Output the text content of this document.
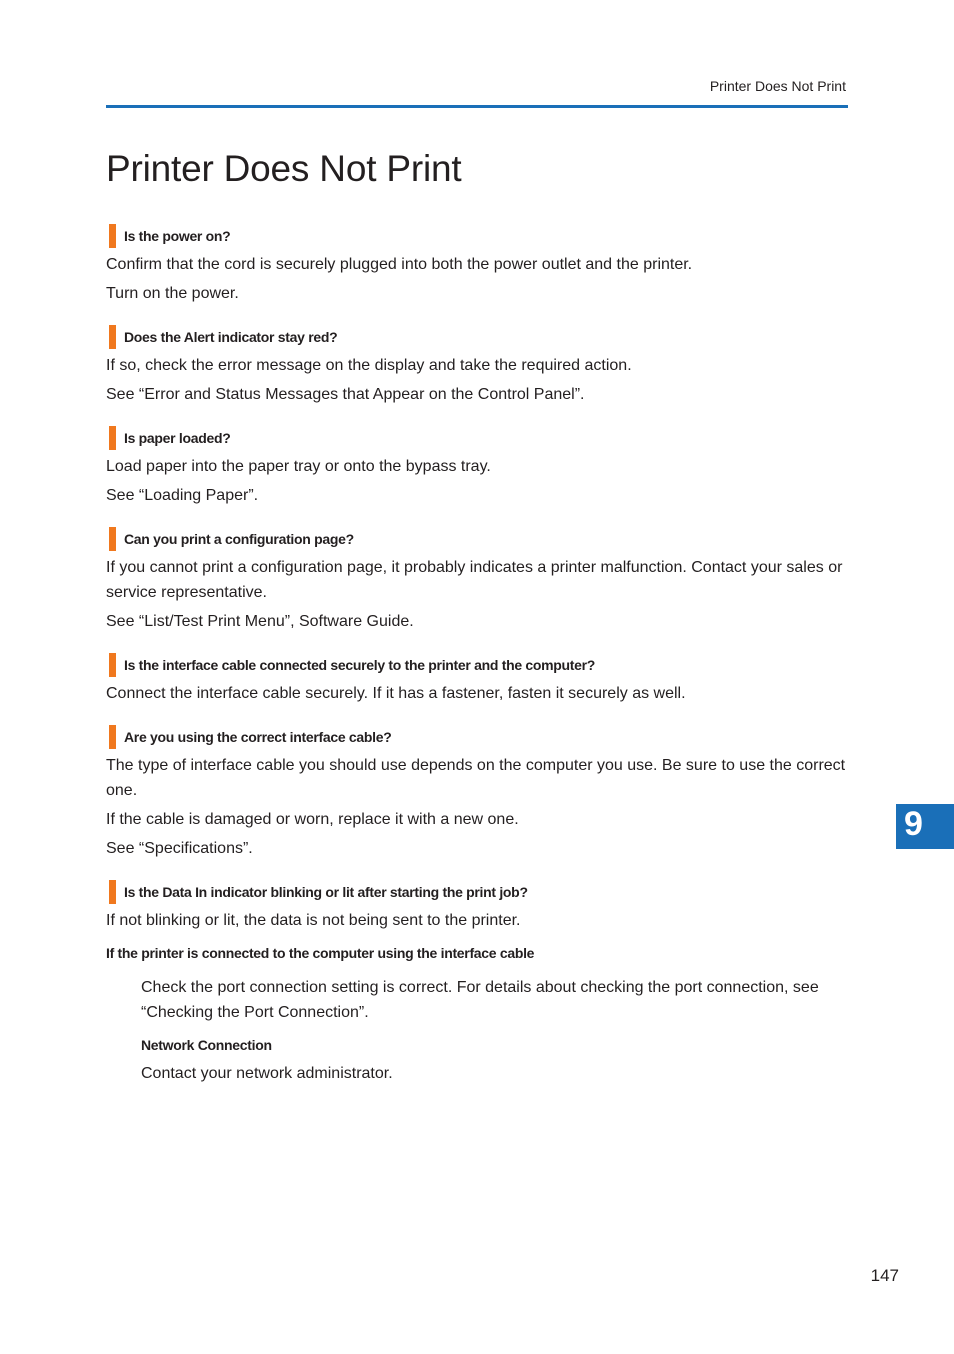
Printer Does Not Print
Printer Does Not Print
Is the power on?
Confirm that the cord is securely plugged into both the power outlet and the printer.
Turn on the power.
Does the Alert indicator stay red?
If so, check the error message on the display and take the required action.
See “Error and Status Messages that Appear on the Control Panel”.
Is paper loaded?
Load paper into the paper tray or onto the bypass tray.
See “Loading Paper”.
Can you print a configuration page?
If you cannot print a configuration page, it probably indicates a printer malfunction. Contact your sales or service representative.
See “List/Test Print Menu”, Software Guide.
Is the interface cable connected securely to the printer and the computer?
Connect the interface cable securely. If it has a fastener, fasten it securely as well.
Are you using the correct interface cable?
The type of interface cable you should use depends on the computer you use. Be sure to use the correct one.
If the cable is damaged or worn, replace it with a new one.
See “Specifications”.
Is the Data In indicator blinking or lit after starting the print job?
If not blinking or lit, the data is not being sent to the printer.
If the printer is connected to the computer using the interface cable
Check the port connection setting is correct. For details about checking the port connection, see “Checking the Port Connection”.
Network Connection
Contact your network administrator.
9
147
